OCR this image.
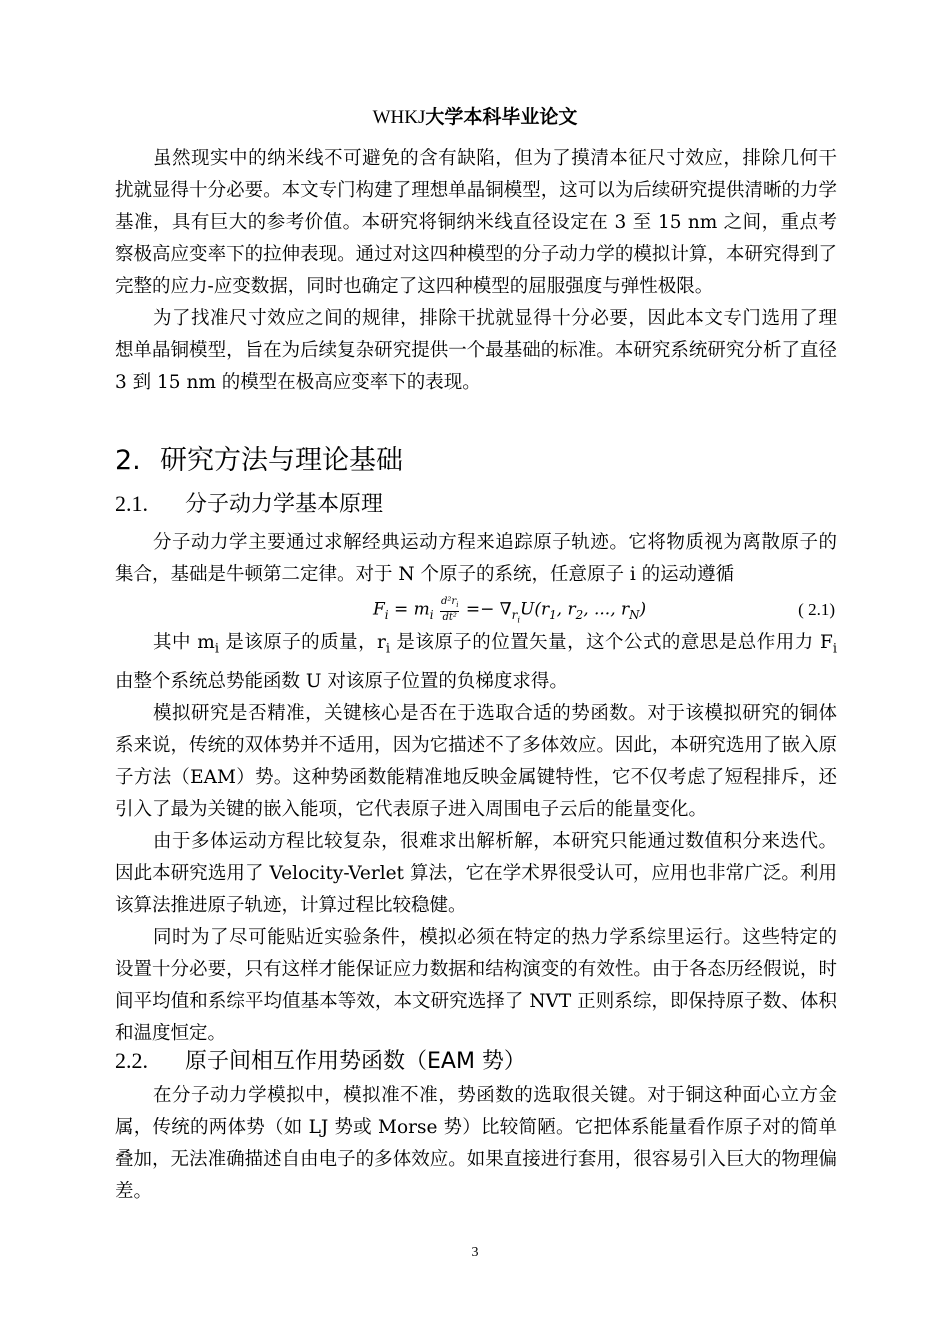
WHKJ大学本科毕业论文

虽然现实中的纳米线不可避免的含有缺陷，但为了摸清本征尺寸效应，排除几何干扰就显得十分必要。本文专门构建了理想单晶铜模型，这可以为后续研究提供清晰的力学基准，具有巨大的参考价值。本研究将铜纳米线直径设定在 3 至 15 nm 之间，重点考察极高应变率下的拉伸表现。通过对这四种模型的分子动力学的模拟计算，本研究得到了完整的应力-应变数据，同时也确定了这四种模型的屈服强度与弹性极限。

为了找准尺寸效应之间的规律，排除干扰就显得十分必要，因此本文专门选用了理想单晶铜模型，旨在为后续复杂研究提供一个最基础的标准。本研究系统研究分析了直径 3 到 15 nm 的模型在极高应变率下的表现。

2. 研究方法与理论基础
2.1. 分子动力学基本原理

分子动力学主要通过求解经典运动方程来追踪原子轨迹。它将物质视为离散原子的集合，基础是牛顿第二定律。对于 N 个原子的系统，任意原子 i 的运动遵循

$F_i = m_i \frac{d^2r_i}{\text{dt²}} =- \nabla_{r_i}U(r_1$, $r_2$, ..., $r_N$)	( 2.1)

其中 $m_i$ 是该原子的质量，$r_i$ 是该原子的位置矢量，这个公式的意思是总作用力 $F_i$ 由整个系统总势能函数 U 对该原子位置的负梯度求得。

模拟研究是否精准，关键核心是否在于选取合适的势函数。对于该模拟研究的铜体系来说，传统的双体势并不适用，因为它描述不了多体效应。因此，本研究选用了嵌入原子方法（EAM）势。这种势函数能精准地反映金属键特性，它不仅考虑了短程排斥，还引入了最为关键的嵌入能项，它代表原子进入周围电子云后的能量变化。

由于多体运动方程比较复杂，很难求出解析解，本研究只能通过数值积分来迭代。因此本研究选用了 Velocity-Verlet 算法，它在学术界很受认可，应用也非常广泛。利用该算法推进原子轨迹，计算过程比较稳健。

同时为了尽可能贴近实验条件，模拟必须在特定的热力学系综里运行。这些特定的设置十分必要，只有这样才能保证应力数据和结构演变的有效性。由于各态历经假说，时间平均值和系综平均值基本等效，本文研究选择了 NVT 正则系综，即保持原子数、体积和温度恒定。

2.2. 原子间相互作用势函数（EAM 势）

在分子动力学模拟中，模拟准不准，势函数的选取很关键。对于铜这种面心立方金属，传统的两体势（如 LJ 势或 Morse 势）比较简陋。它把体系能量看作原子对的简单叠加，无法准确描述自由电子的多体效应。如果直接进行套用，很容易引入巨大的物理偏差。

3
